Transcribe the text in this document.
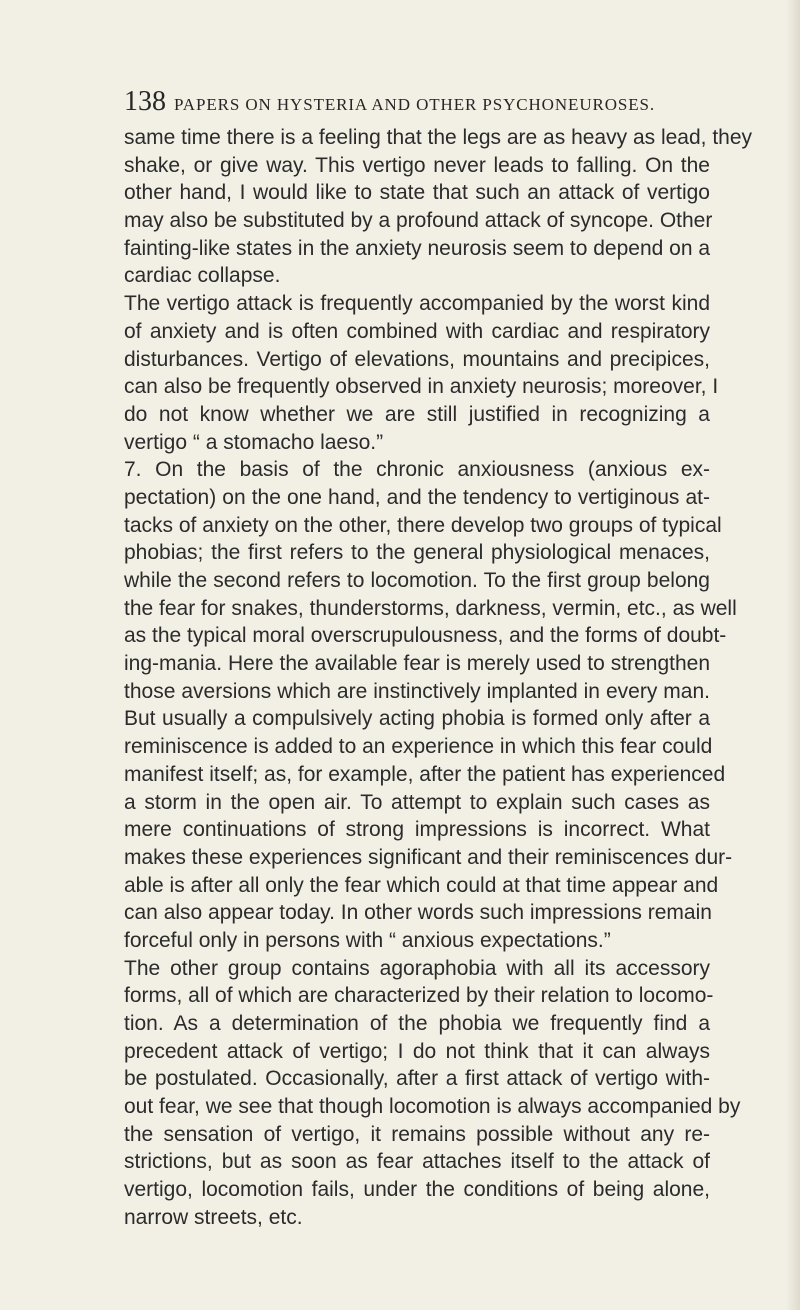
138 PAPERS ON HYSTERIA AND OTHER PSYCHONEUROSES.
same time there is a feeling that the legs are as heavy as lead, they
shake, or give way. This vertigo never leads to falling. On the
other hand, I would like to state that such an attack of vertigo
may also be substituted by a profound attack of syncope. Other
fainting-like states in the anxiety neurosis seem to depend on a
cardiac collapse.
The vertigo attack is frequently accompanied by the worst kind
of anxiety and is often combined with cardiac and respiratory
disturbances. Vertigo of elevations, mountains and precipices,
can also be frequently observed in anxiety neurosis; moreover, I
do not know whether we are still justified in recognizing a
vertigo “ a stomacho laeso.”
7. On the basis of the chronic anxiousness (anxious ex-
pectation) on the one hand, and the tendency to vertiginous at-
tacks of anxiety on the other, there develop two groups of typical
phobias; the first refers to the general physiological menaces,
while the second refers to locomotion. To the first group belong
the fear for snakes, thunderstorms, darkness, vermin, etc., as well
as the typical moral overscrupulousness, and the forms of doubt-
ing-mania. Here the available fear is merely used to strengthen
those aversions which are instinctively implanted in every man.
But usually a compulsively acting phobia is formed only after a
reminiscence is added to an experience in which this fear could
manifest itself; as, for example, after the patient has experienced
a storm in the open air. To attempt to explain such cases as
mere continuations of strong impressions is incorrect. What
makes these experiences significant and their reminiscences dur-
able is after all only the fear which could at that time appear and
can also appear today. In other words such impressions remain
forceful only in persons with “ anxious expectations.”
The other group contains agoraphobia with all its accessory
forms, all of which are characterized by their relation to locomo-
tion. As a determination of the phobia we frequently find a
precedent attack of vertigo; I do not think that it can always
be postulated. Occasionally, after a first attack of vertigo with-
out fear, we see that though locomotion is always accompanied by
the sensation of vertigo, it remains possible without any re-
strictions, but as soon as fear attaches itself to the attack of
vertigo, locomotion fails, under the conditions of being alone,
narrow streets, etc.
